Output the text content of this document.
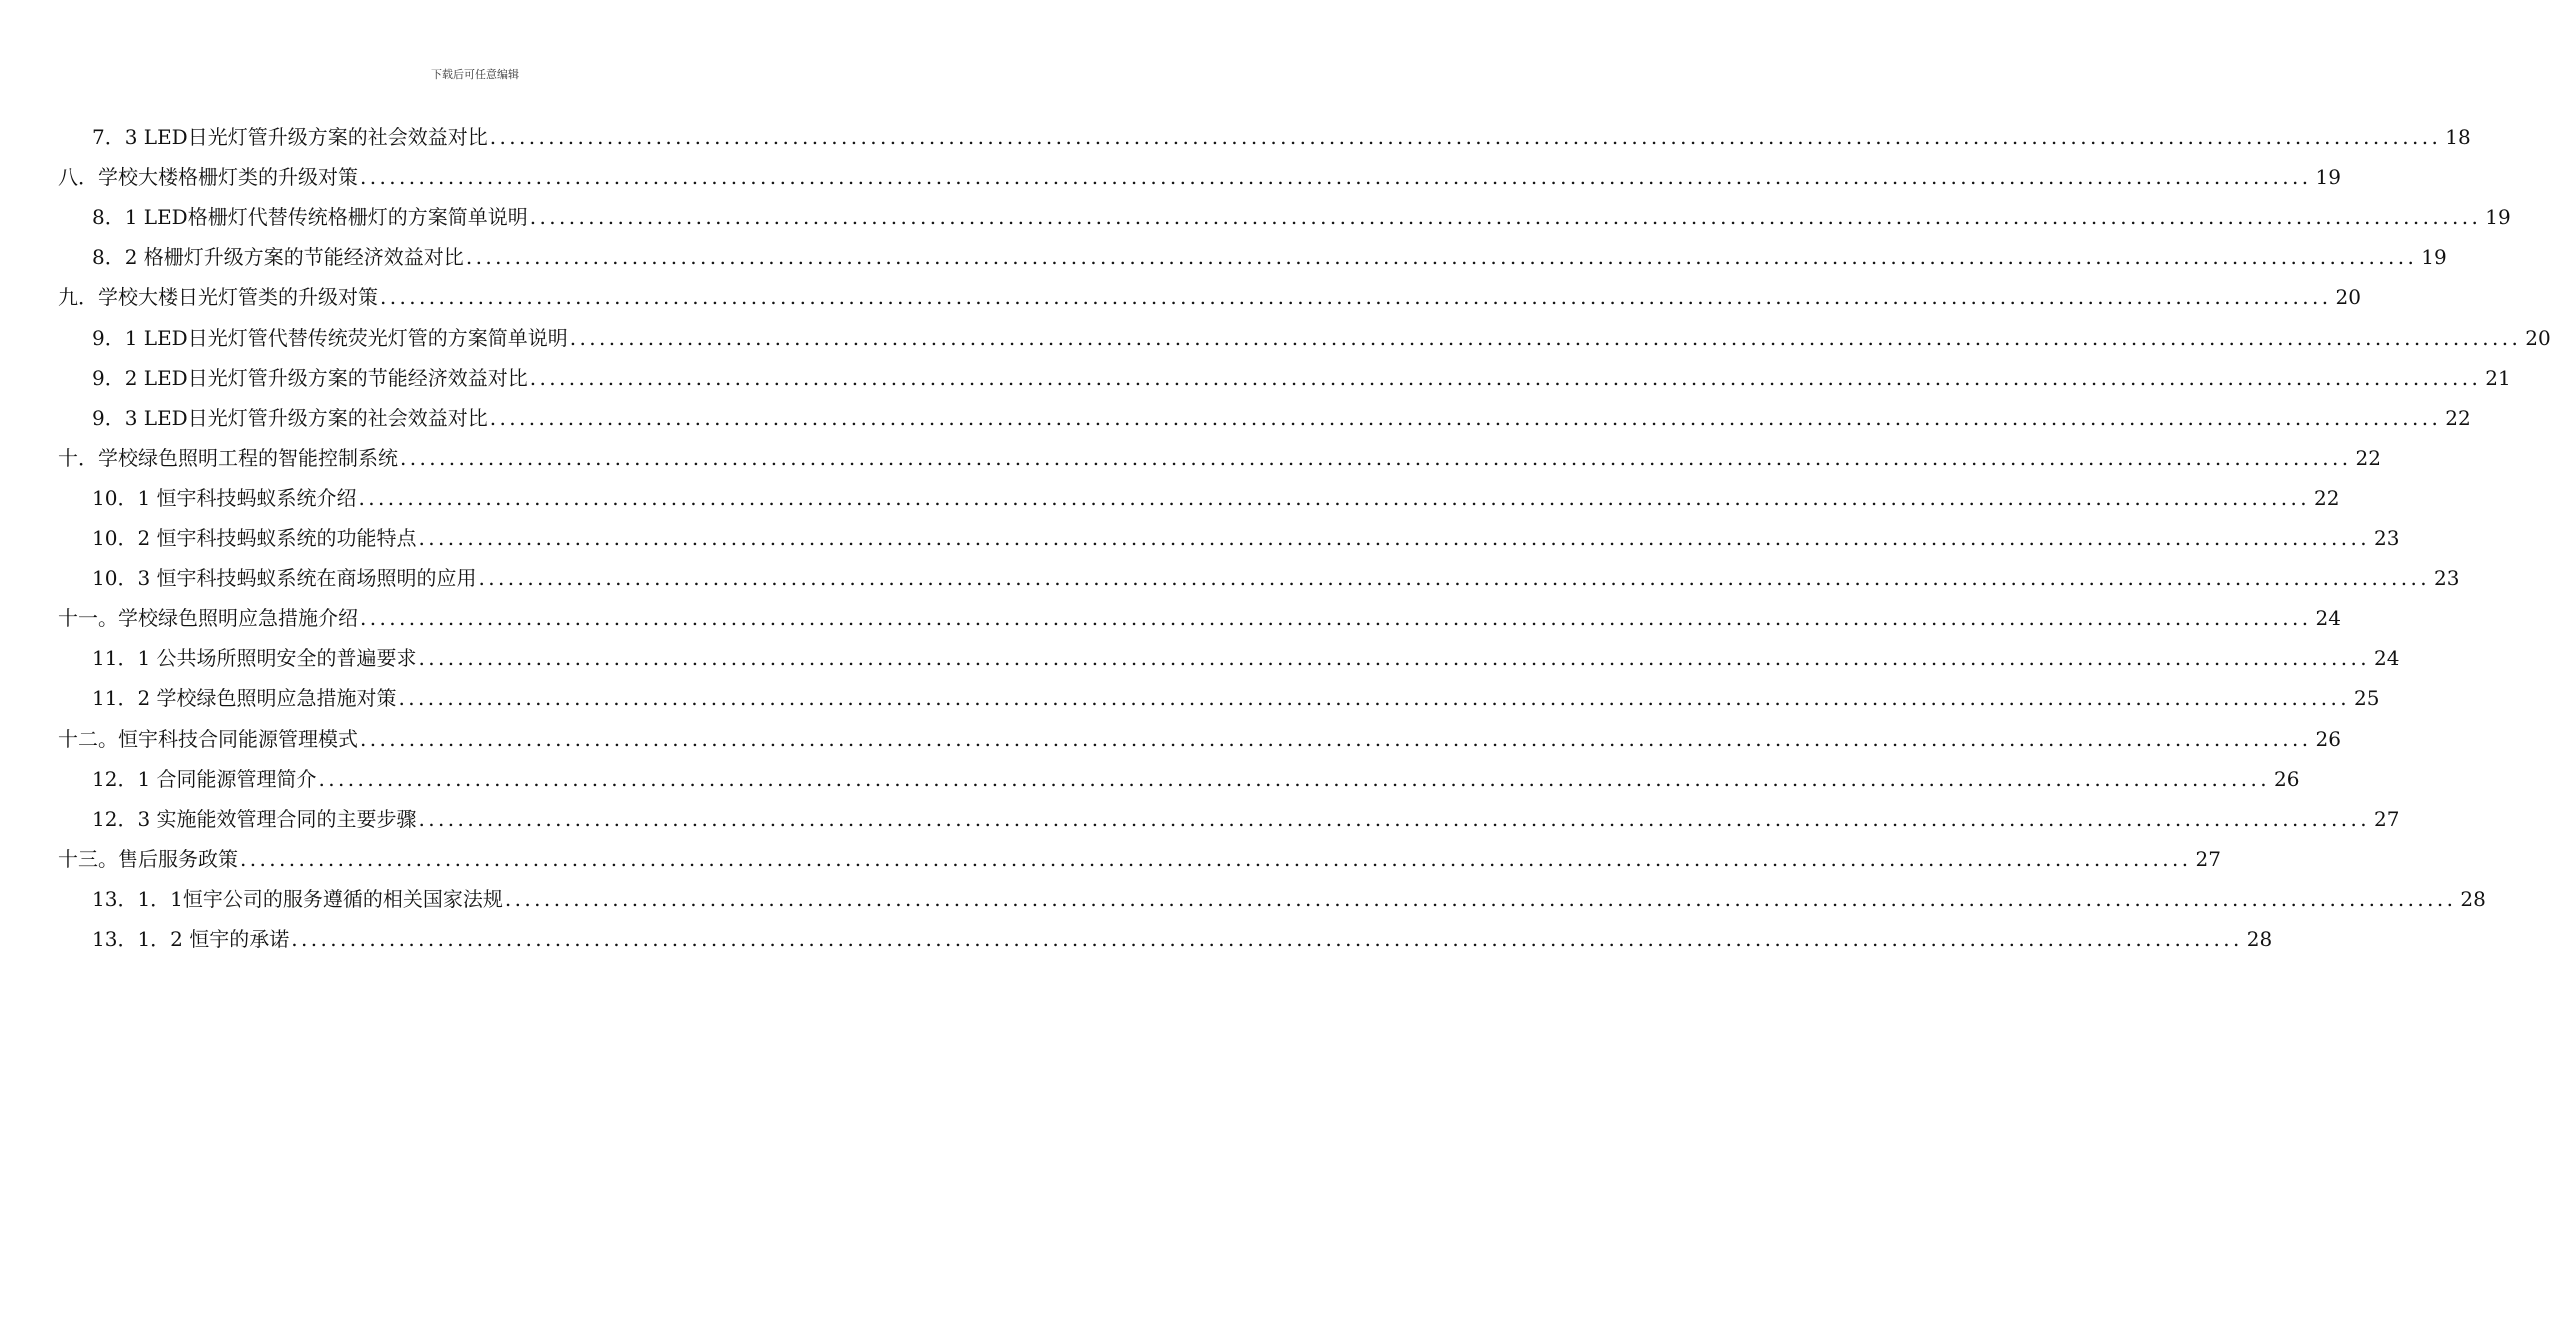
下载后可任意编辑
7．3 LED日光灯管升级方案的社会效益对比 ........................................................................................................................................................................................................ 18
八．学校大楼格栅灯类的升级对策 ........................................................................................................................................................................................................ 19
8．1 LED格栅灯代替传统格栅灯的方案简单说明 ........................................................................................................................................................................................................ 19
8．2 格栅灯升级方案的节能经济效益对比 ........................................................................................................................................................................................................ 19
九．学校大楼日光灯管类的升级对策 ........................................................................................................................................................................................................ 20
9．1 LED日光灯管代替传统荧光灯管的方案简单说明 ........................................................................................................................................................................................................ 20
9．2 LED日光灯管升级方案的节能经济效益对比 ........................................................................................................................................................................................................ 21
9．3 LED日光灯管升级方案的社会效益对比 ........................................................................................................................................................................................................ 22
十．学校绿色照明工程的智能控制系统 ........................................................................................................................................................................................................ 22
10．1 恒宇科技蚂蚁系统介绍 ........................................................................................................................................................................................................ 22
10．2 恒宇科技蚂蚁系统的功能特点 ........................................................................................................................................................................................................ 23
10．3 恒宇科技蚂蚁系统在商场照明的应用 ........................................................................................................................................................................................................ 23
十一。学校绿色照明应急措施介绍 ........................................................................................................................................................................................................ 24
11．1 公共场所照明安全的普遍要求 ........................................................................................................................................................................................................ 24
11．2 学校绿色照明应急措施对策 ........................................................................................................................................................................................................ 25
十二。恒宇科技合同能源管理模式 ........................................................................................................................................................................................................ 26
12．1 合同能源管理简介 ........................................................................................................................................................................................................ 26
12．3 实施能效管理合同的主要步骤 ........................................................................................................................................................................................................ 27
十三。售后服务政策 ........................................................................................................................................................................................................ 27
13．1．1恒宇公司的服务遵循的相关国家法规 ........................................................................................................................................................................................................ 28
13．1．2 恒宇的承诺 ........................................................................................................................................................................................................ 28
